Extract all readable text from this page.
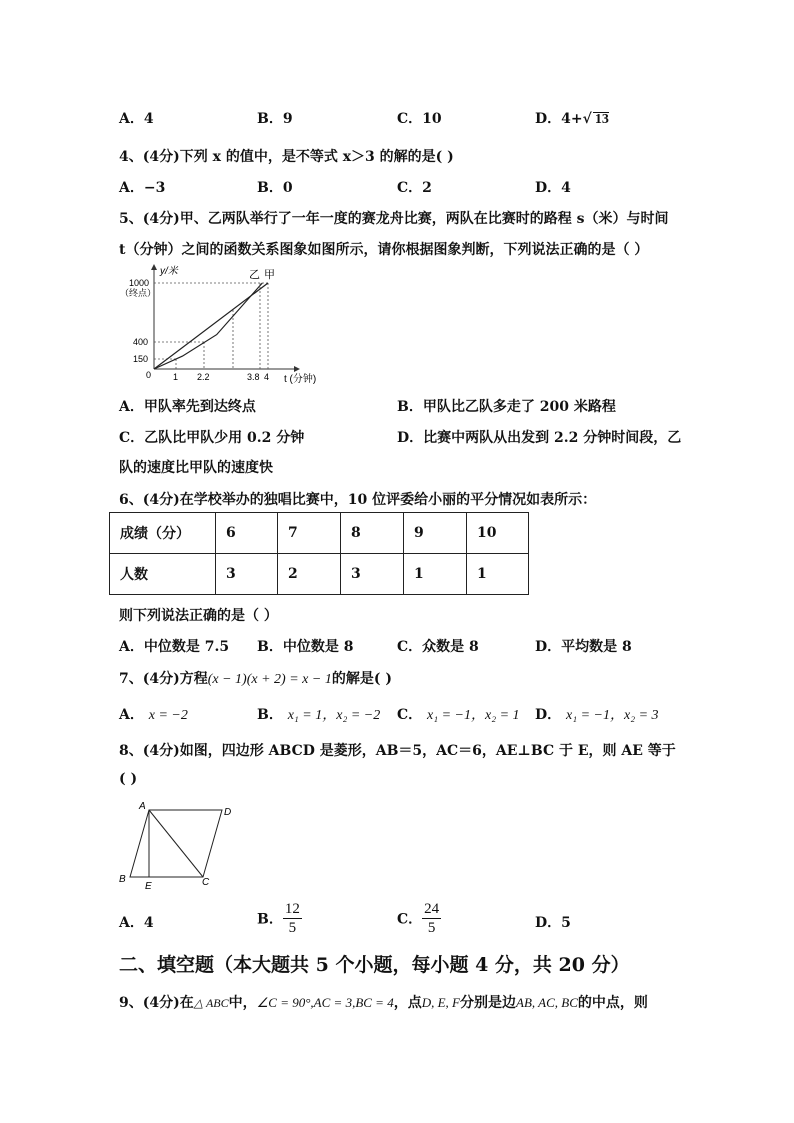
A．4	B．9	C．10	D．4+√ 13
4、(4分)下列 x 的值中，是不等式 x＞3 的解的是( )
A．−3	B．0	C．2	D．4
5、(4分)甲、乙两队举行了一年一度的赛龙舟比赛，两队在比赛时的路程 s（米）与时间
t（分钟）之间的函数关系图象如图所示，请你根据图象判断，下列说法正确的是（ ）
y/米
t (分钟)
0
1000
（终点）
400
150
1 2.2	3.8 4
乙 甲
A．甲队率先到达终点	B．甲队比乙队多走了 200 米路程
C．乙队比甲队少用 0.2 分钟	D．比赛中两队从出发到 2.2 分钟时间段，乙
队的速度比甲队的速度快
6、(4分)在学校举办的独唱比赛中，10 位评委给小丽的平分情况如表所示：
成绩（分）	6	7	8	9	10
人数	3	2	3	1	1
则下列说法正确的是（ ）
A．中位数是 7.5 B．中位数是 8	C．众数是 8	D．平均数是 8
7、(4分)方程(x − 1)(x + 2) = x − 1的解是( )
A． x = −2	B． x₁ = 1，x₂ = −2 C． x₁ = −1，x₂ = 1 D． x₁ = −1，x₂ = 3
8、(4分)如图，四边形 ABCD 是菱形，AB＝5，AC＝6，AE⊥BC 于 E，则 AE 等于
( )
A
D
B
E	C
A．4	B． $\frac{12}{5}$	C． $\frac{24}{5}$	D．5
二、填空题（本大题共 5 个小题，每小题 4 分，共 20 分）
9、(4分)在△ ABC中，∠C = 90°,AC = 3,BC = 4，点D, E, F分别是边AB, AC, BC的中点，则
